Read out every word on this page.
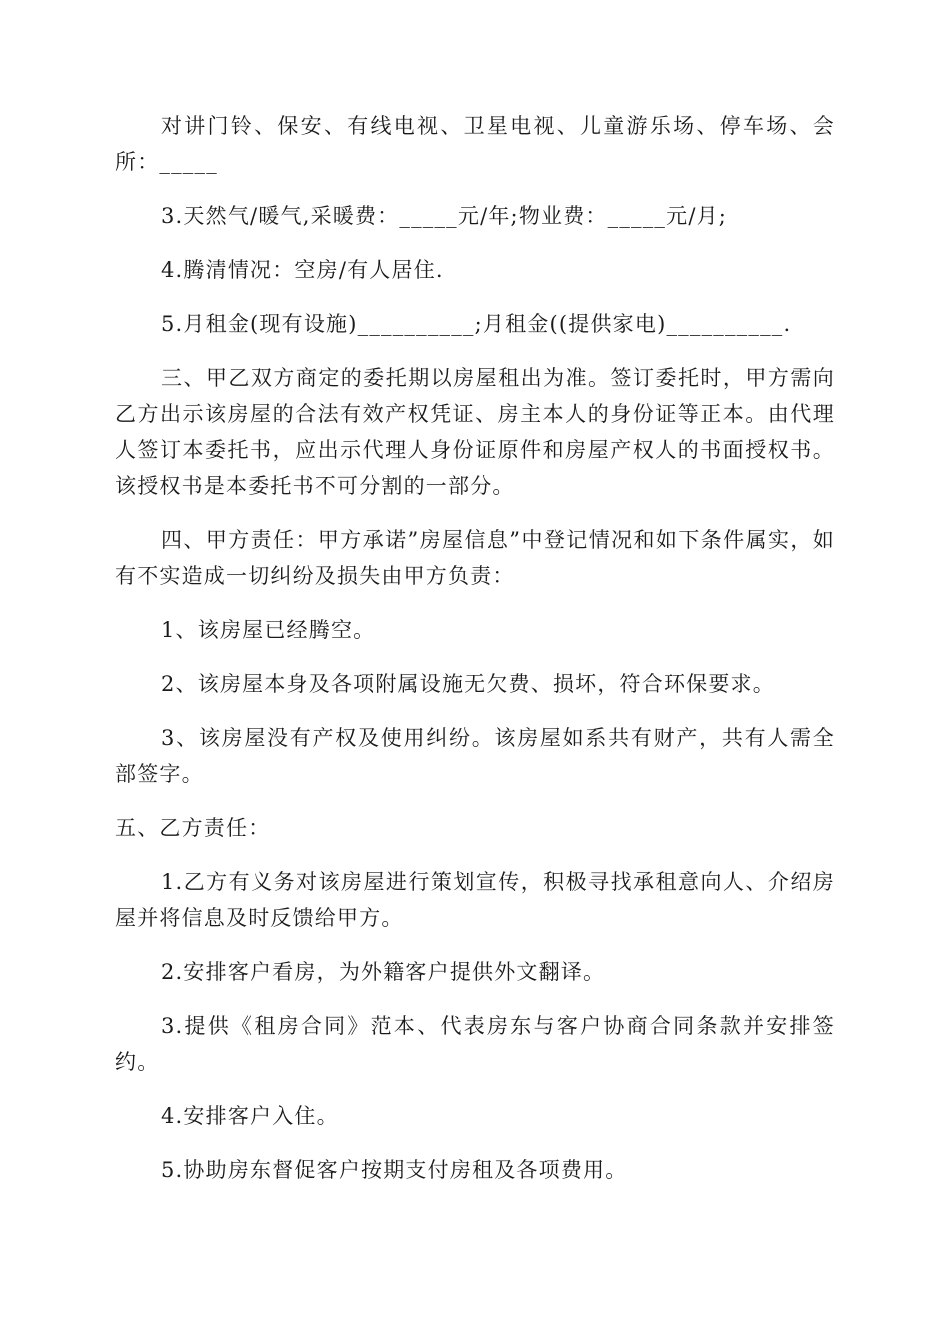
对讲门铃、保安、有线电视、卫星电视、儿童游乐场、停车场、会所：_____

3.天然气/暖气,采暖费：_____元/年;物业费：_____元/月;

4.腾清情况：空房/有人居住.

5.月租金(现有设施)__________;月租金((提供家电)__________.

三、甲乙双方商定的委托期以房屋租出为准。签订委托时，甲方需向乙方出示该房屋的合法有效产权凭证、房主本人的身份证等正本。由代理人签订本委托书，应出示代理人身份证原件和房屋产权人的书面授权书。该授权书是本委托书不可分割的一部分。

四、甲方责任：甲方承诺”房屋信息”中登记情况和如下条件属实，如有不实造成一切纠纷及损失由甲方负责：

1、该房屋已经腾空。

2、该房屋本身及各项附属设施无欠费、损坏，符合环保要求。

3、该房屋没有产权及使用纠纷。该房屋如系共有财产，共有人需全部签字。

五、乙方责任：

1.乙方有义务对该房屋进行策划宣传，积极寻找承租意向人、介绍房屋并将信息及时反馈给甲方。

2.安排客户看房，为外籍客户提供外文翻译。

3.提供《租房合同》范本、代表房东与客户协商合同条款并安排签约。

4.安排客户入住。

5.协助房东督促客户按期支付房租及各项费用。
